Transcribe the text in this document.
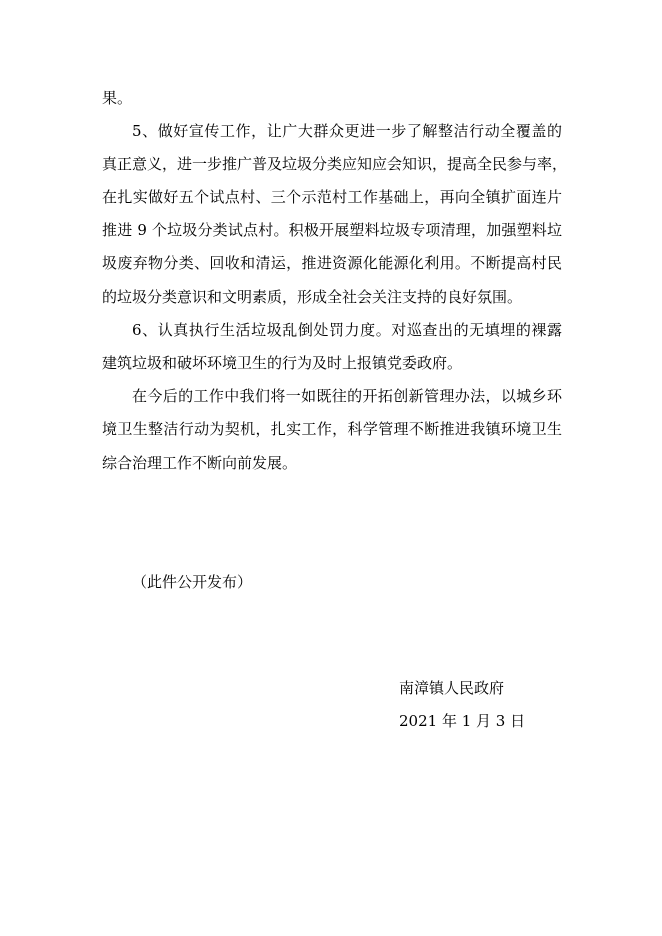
果。

5、做好宣传工作，让广大群众更进一步了解整洁行动全覆盖的

真正意义，进一步推广普及垃圾分类应知应会知识，提高全民参与率，

在扎实做好五个试点村、三个示范村工作基础上，再向全镇扩面连片

推进 9 个垃圾分类试点村。积极开展塑料垃圾专项清理，加强塑料垃

圾废弃物分类、回收和清运，推进资源化能源化利用。不断提高村民

的垃圾分类意识和文明素质，形成全社会关注支持的良好氛围。

6、认真执行生活垃圾乱倒处罚力度。对巡查出的无填埋的裸露

建筑垃圾和破坏环境卫生的行为及时上报镇党委政府。

在今后的工作中我们将一如既往的开拓创新管理办法，以城乡环

境卫生整洁行动为契机，扎实工作，科学管理不断推进我镇环境卫生

综合治理工作不断向前发展。

（此件公开发布）
南漳镇人民政府
2021 年 1 月 3 日
